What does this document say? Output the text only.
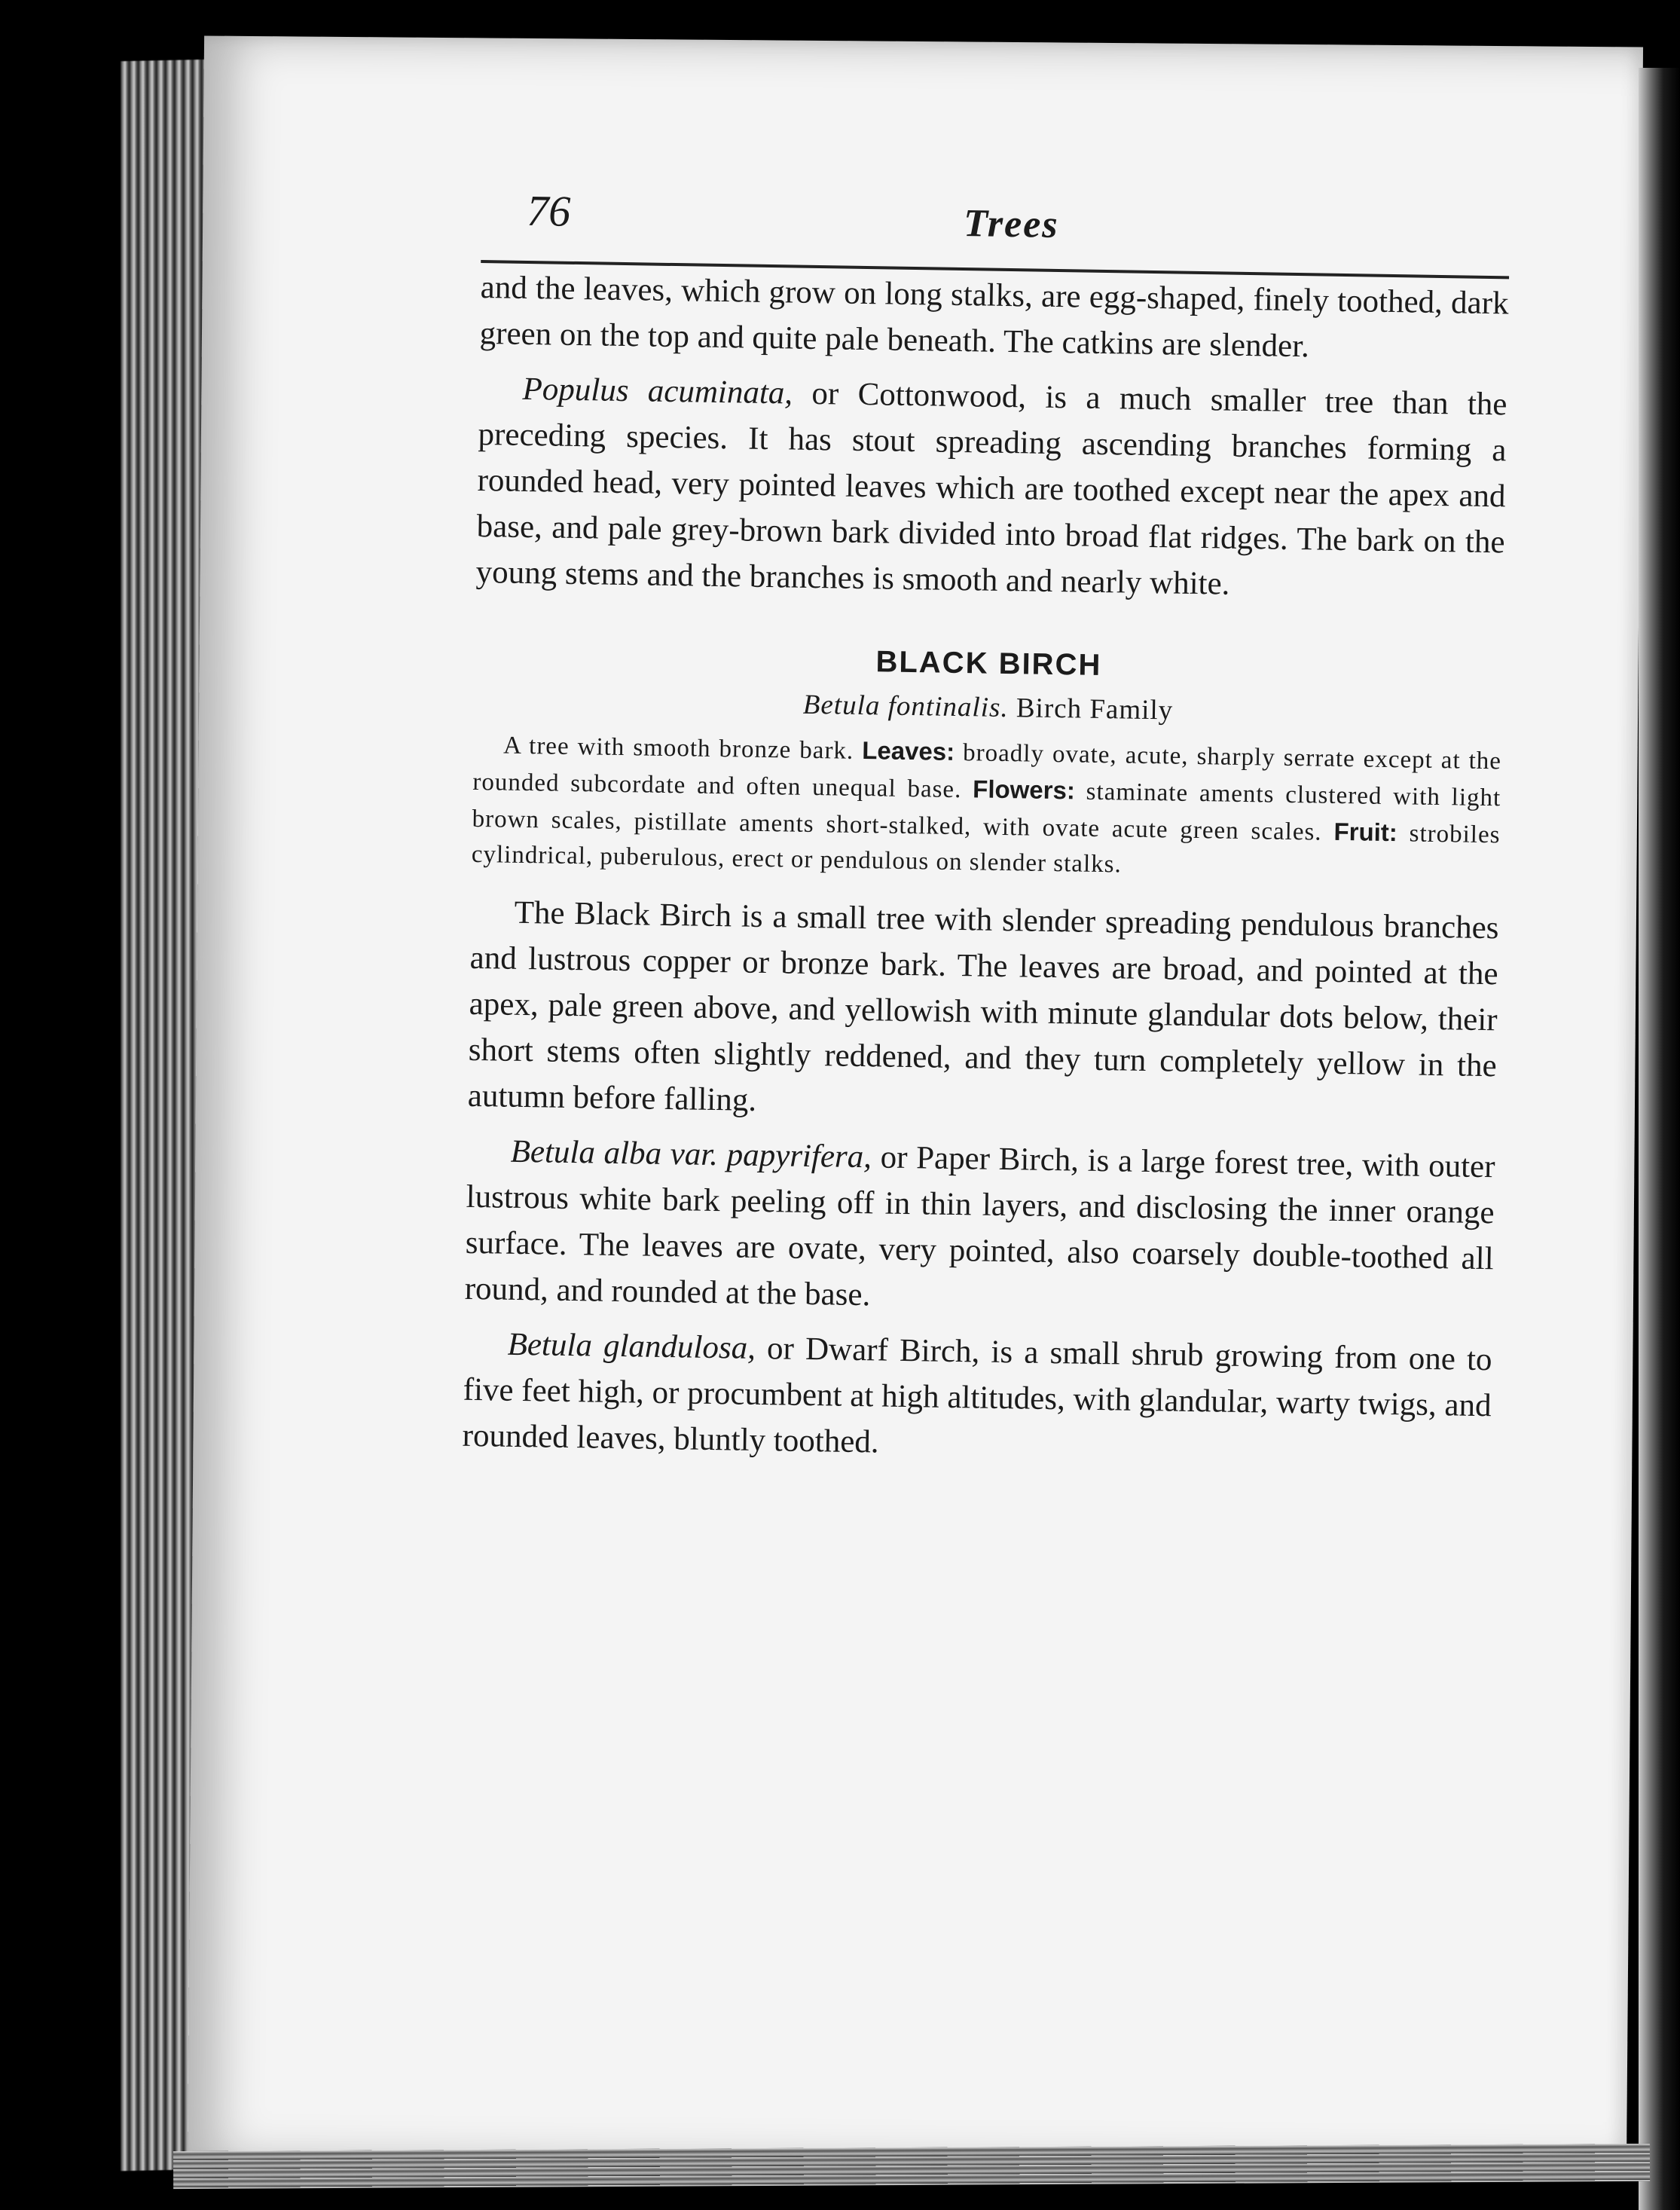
76	Trees

and the leaves, which grow on long stalks, are egg-shaped, finely toothed, dark green on the top and quite pale beneath. The catkins are slender.

Populus acuminata, or Cottonwood, is a much smaller tree than the preceding species. It has stout spreading ascending branches forming a rounded head, very pointed leaves which are toothed except near the apex and base, and pale grey-brown bark divided into broad flat ridges. The bark on the young stems and the branches is smooth and nearly white.

BLACK BIRCH
Betula fontinalis. Birch Family

A tree with smooth bronze bark. Leaves: broadly ovate, acute, sharply serrate except at the rounded subcordate and often unequal base. Flowers: staminate aments clustered with light brown scales, pistillate aments short-stalked, with ovate acute green scales. Fruit: strobiles cylindrical, puberulous, erect or pendulous on slender stalks.

The Black Birch is a small tree with slender spreading pendulous branches and lustrous copper or bronze bark. The leaves are broad, and pointed at the apex, pale green above, and yellowish with minute glandular dots below, their short stems often slightly reddened, and they turn completely yellow in the autumn before falling.

Betula alba var. papyrifera, or Paper Birch, is a large forest tree, with outer lustrous white bark peeling off in thin layers, and disclosing the inner orange surface. The leaves are ovate, very pointed, also coarsely double-toothed all round, and rounded at the base.

Betula glandulosa, or Dwarf Birch, is a small shrub growing from one to five feet high, or procumbent at high altitudes, with glandular, warty twigs, and rounded leaves, bluntly toothed.
